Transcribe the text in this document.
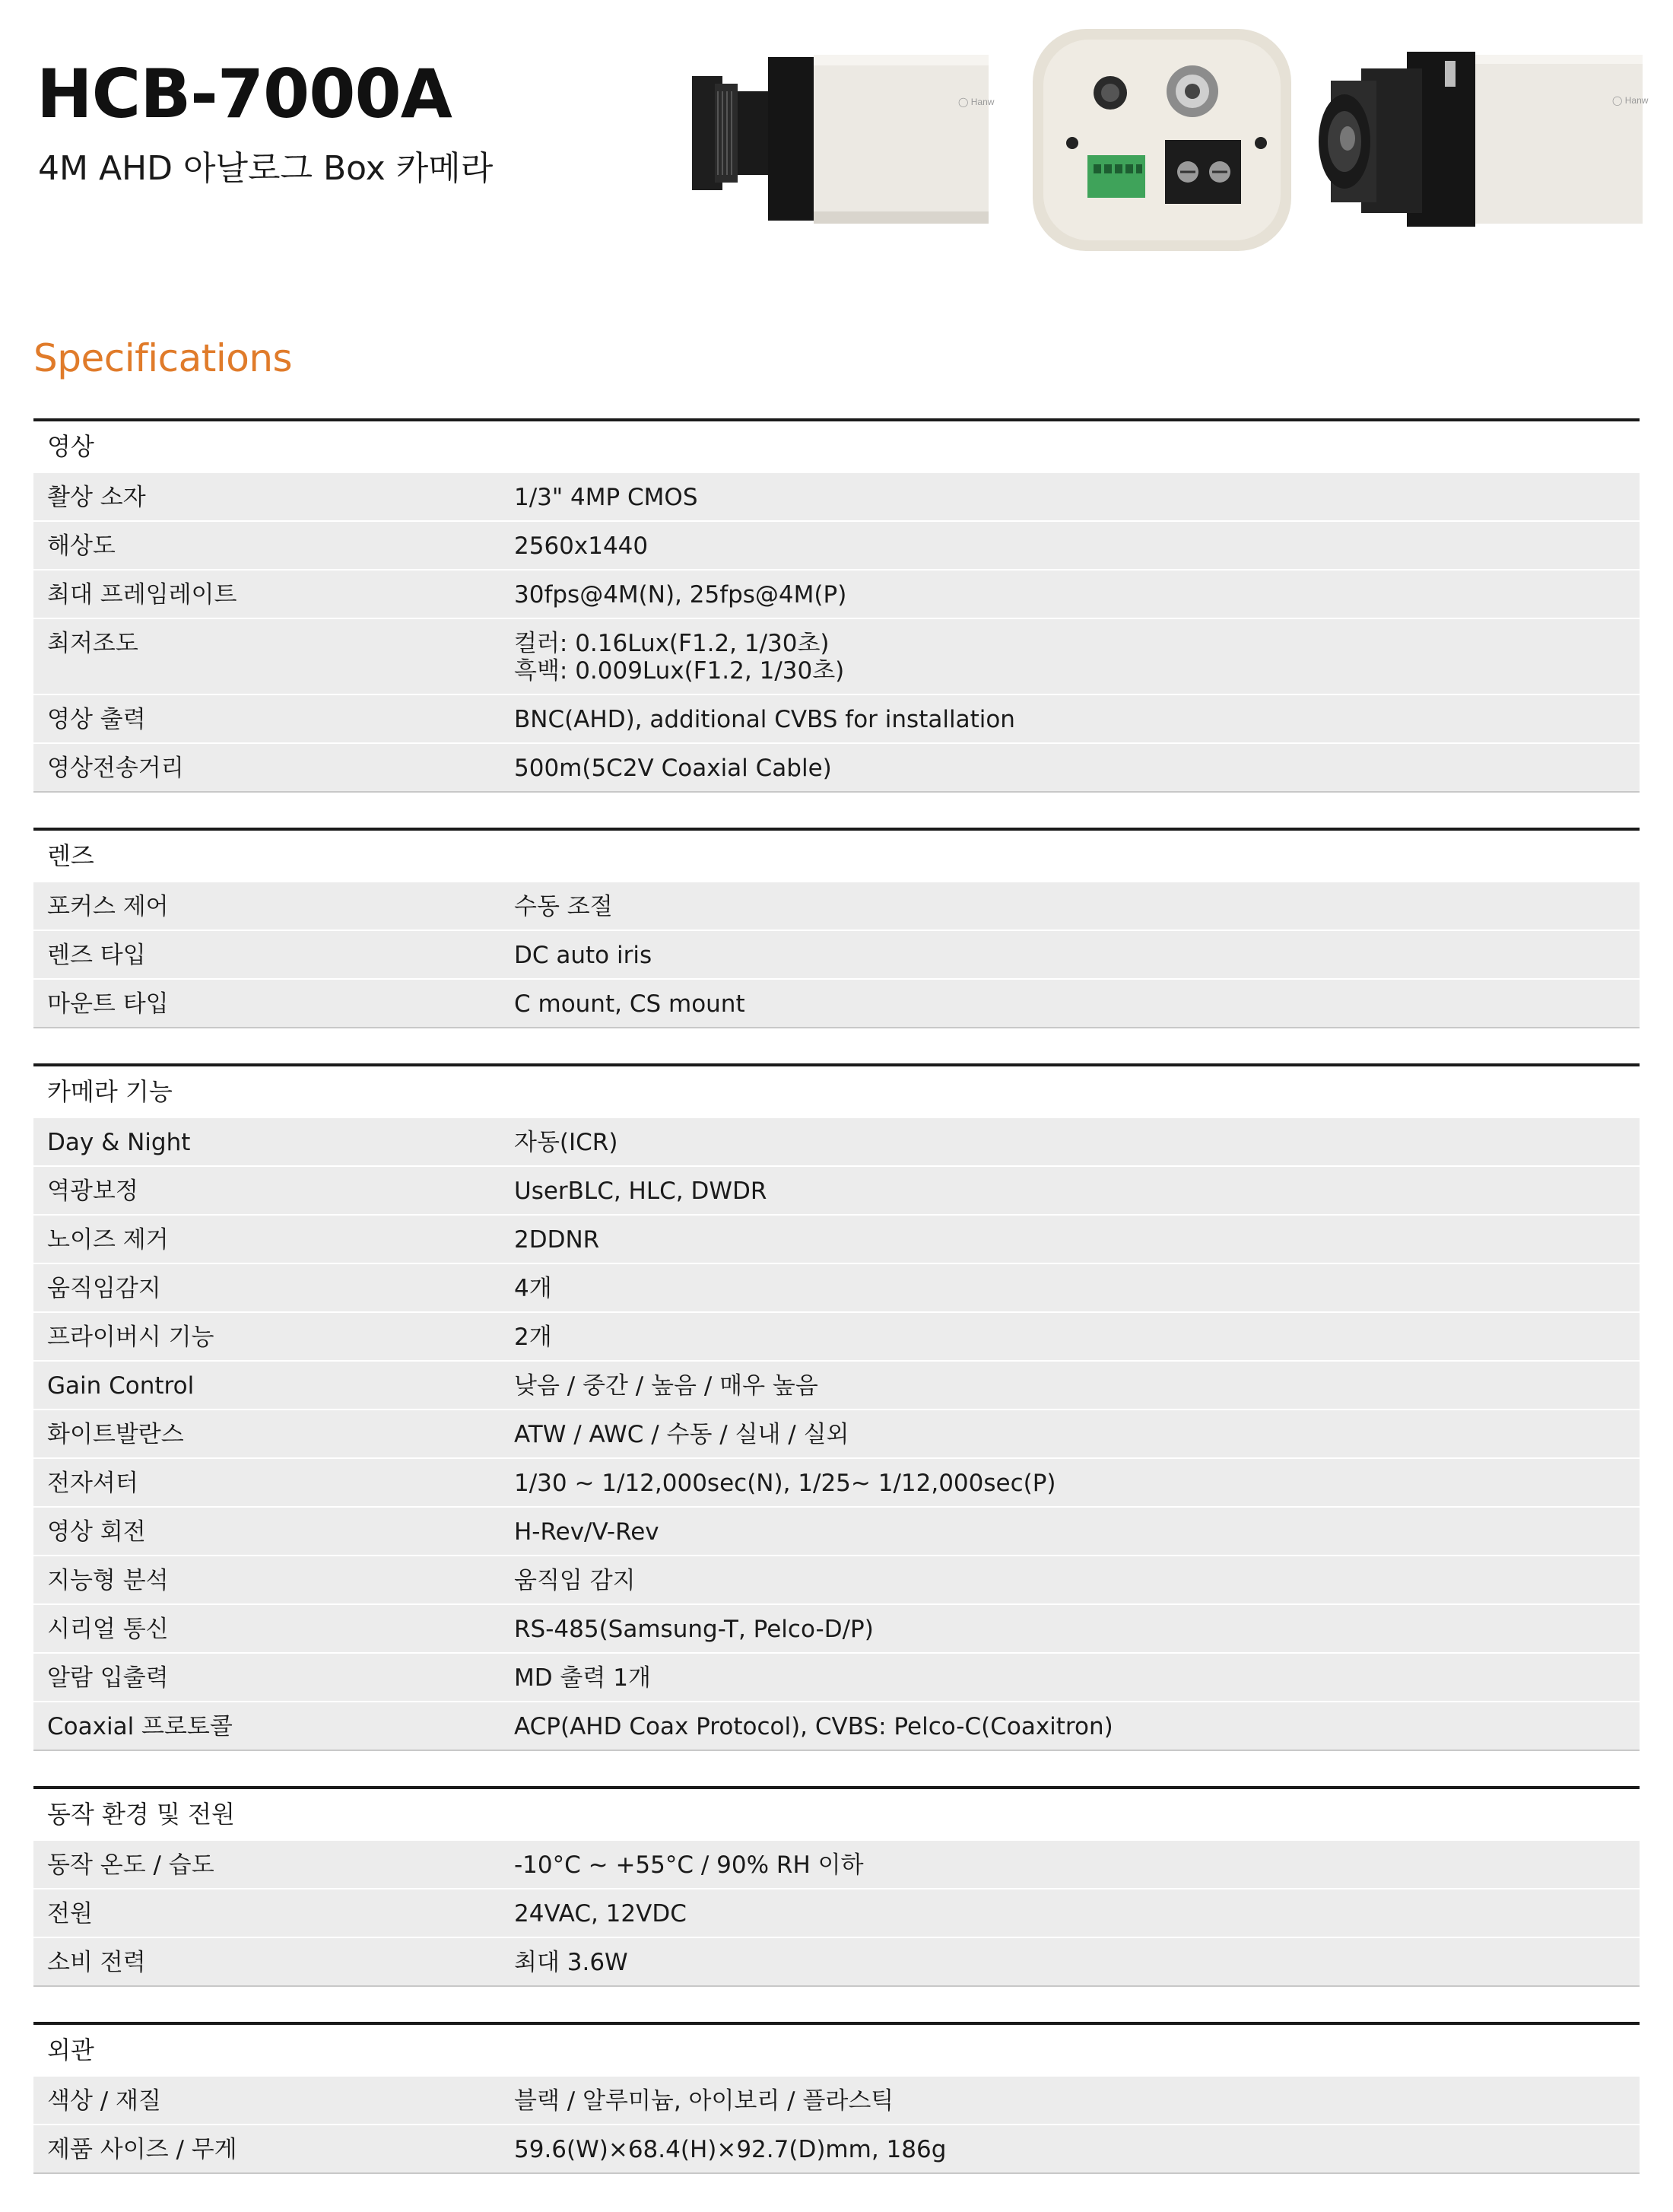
HCB-7000A
4M AHD 아날로그 Box 카메라
◯ Hanw	◯ Hanw
Specifications
영상
촬상 소자	1/3" 4MP CMOS
해상도	2560x1440
최대 프레임레이트	30fps@4M(N), 25fps@4M(P)
최저조도	컬러: 0.16Lux(F1.2, 1/30초)
흑백: 0.009Lux(F1.2, 1/30초)
영상 출력	BNC(AHD), additional CVBS for installation
영상전송거리	500m(5C2V Coaxial Cable)
렌즈
포커스 제어	수동 조절
렌즈 타입	DC auto iris
마운트 타입	C mount, CS mount
카메라 기능
Day & Night	자동(ICR)
역광보정	UserBLC, HLC, DWDR
노이즈 제거	2DDNR
움직임감지	4개
프라이버시 기능	2개
Gain Control	낮음 / 중간 / 높음 / 매우 높음
화이트발란스	ATW / AWC / 수동 / 실내 / 실외
전자셔터	1/30 ~ 1/12,000sec(N), 1/25~ 1/12,000sec(P)
영상 회전	H-Rev/V-Rev
지능형 분석	움직임 감지
시리얼 통신	RS-485(Samsung-T, Pelco-D/P)
알람 입출력	MD 출력 1개
Coaxial 프로토콜	ACP(AHD Coax Protocol), CVBS: Pelco-C(Coaxitron)
동작 환경 및 전원
동작 온도 / 습도	-10°C ~ +55°C / 90% RH 이하
전원	24VAC, 12VDC
소비 전력	최대 3.6W
외관
색상 / 재질	블랙 / 알루미늄, 아이보리 / 플라스틱
제품 사이즈 / 무게	59.6(W)×68.4(H)×92.7(D)mm, 186g
